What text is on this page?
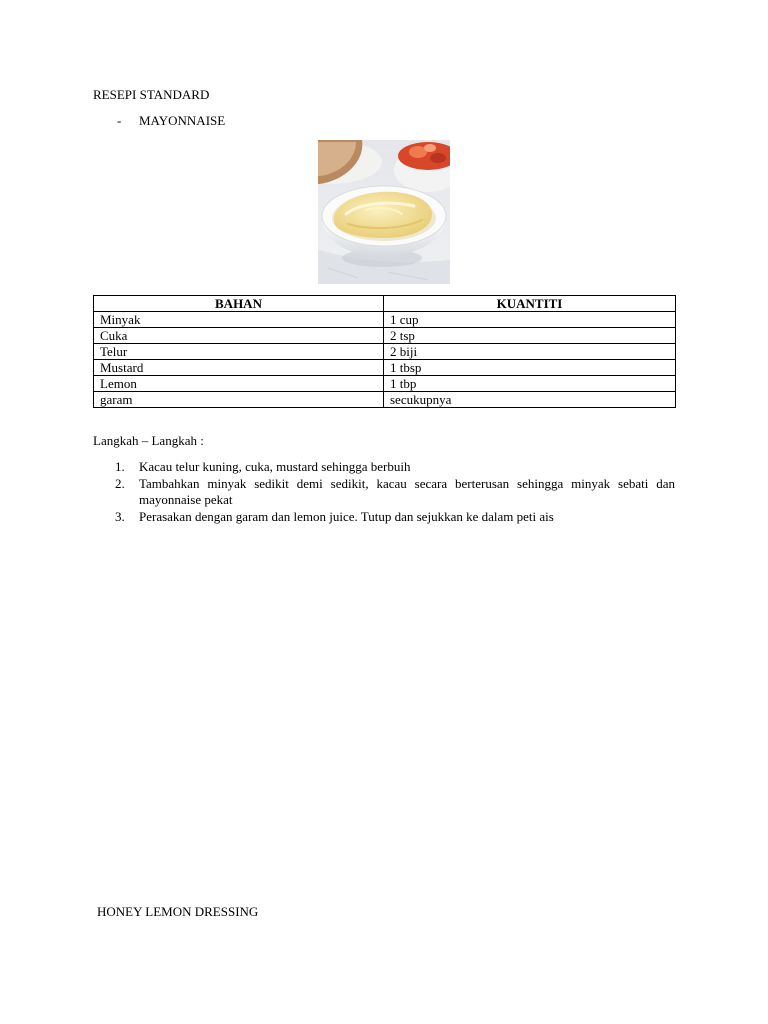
RESEPI STANDARD
- MAYONNAISE
BAHAN	KUANTITI
Minyak	1 cup
Cuka	2 tsp
Telur	2 biji
Mustard	1 tbsp
Lemon	1 tbp
garam	secukupnya
Langkah – Langkah :
1. Kacau telur kuning, cuka, mustard sehingga berbuih
2. Tambahkan minyak sedikit demi sedikit, kacau secara berterusan sehingga minyak sebati dan mayonnaise pekat
3. Perasakan dengan garam dan lemon juice. Tutup dan sejukkan ke dalam peti ais
HONEY LEMON DRESSING
